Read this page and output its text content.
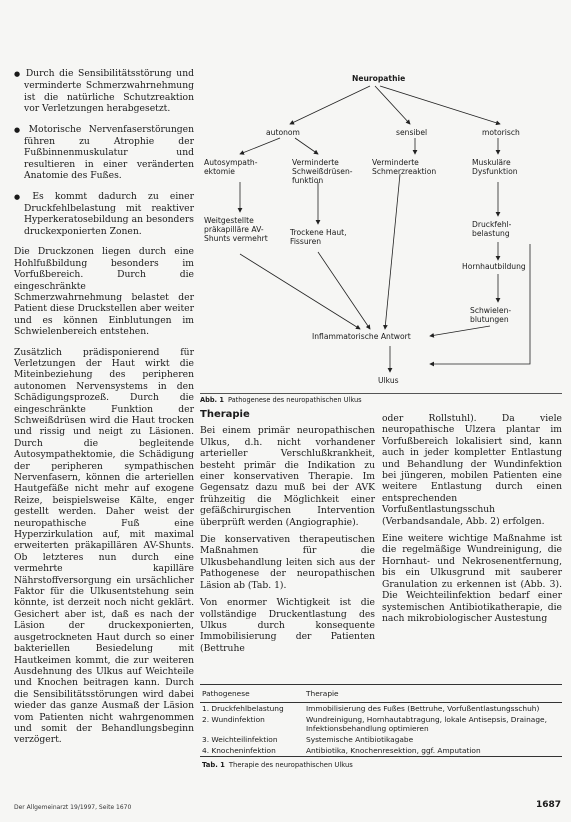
● Durch die Sensibilitätsstörung und verminderte Schmerzwahrnehmung ist die natürliche Schutzreaktion vor Verletzungen herabgesetzt.

● Motorische Nervenfaserstörungen führen zu Atrophie der Fußbinnenmuskulatur und resultieren in einer veränderten Anatomie des Fußes.

● Es kommt dadurch zu einer Druckfehlbelastung mit reaktiver Hyperkeratosebildung an besonders druckexponierten Zonen.

Die Druckzonen liegen durch eine Hohlfußbildung besonders im Vorfußbereich. Durch die eingeschränkte Schmerzwahrnehmung belastet der Patient diese Druckstellen aber weiter und es können Einblutungen im Schwielenbereich entstehen.

Zusätzlich prädisponierend für Verletzungen der Haut wirkt die Miteinbeziehung des peripheren autonomen Nervensystems in den Schädigungsprozeß. Durch die eingeschränkte Funktion der Schweißdrüsen wird die Haut trocken und rissig und neigt zu Läsionen. Durch die begleitende Autosympathektomie, die Schädigung der peripheren sympathischen Nervenfasern, können die arteriellen Hautgefäße nicht mehr auf exogene Reize, beispielsweise Kälte, enger gestellt werden. Daher weist der neuropathische Fuß eine Hyperzirkulation auf, mit maximal erweiterten präkapillären AV-Shunts. Ob letzteres nun durch eine vermehrte kapilläre Nährstoffversorgung ein ursächlicher Faktor für die Ulkusentstehung sein könnte, ist derzeit noch nicht geklärt. Gesichert aber ist, daß es nach der Läsion der druckexponierten, ausgetrockneten Haut durch so einer bakteriellen Besiedelung mit Hautkeimen kommt, die zur weiteren Ausdehnung des Ulkus auf Weichteile und Knochen beitragen kann. Durch die Sensibilitätsstörungen wird dabei wieder das ganze Ausmaß der Läsion vom Patienten nicht wahrgenommen und somit der Behandlungsbeginn verzögert.

Neuropathie
autonom	sensibel	motorisch
Autosympath-ektomie
Verminderte Schweißdrüsen-funktion
Verminderte Schmerzreaktion
Muskuläre Dysfunktion
Weitgestellte präkapilläre AV-Shunts vermehrt
Trockene Haut, Fissuren
Druckfehl-belastung
Hornhautbildung
Schwielen-blutungen
Inflammatorische Antwort
Ulkus
Abb. 1 Pathogenese des neuropathischen Ulkus
Therapie

Bei einem primär neuropathischen Ulkus, d.h. nicht vorhandener arterieller Verschlußkrankheit, besteht primär die Indikation zu einer konservativen Therapie. Im Gegensatz dazu muß bei der AVK frühzeitig die Möglichkeit einer gefäßchirurgischen Intervention überprüft werden (Angiographie).

Die konservativen therapeutischen Maßnahmen für die Ulkusbehandlung leiten sich aus der Pathogenese der neuropathischen Läsion ab (Tab. 1).

Von enormer Wichtigkeit ist die vollständige Druckentlastung des Ulkus durch konsequente Immobilisierung der Patienten (Bettruhe

oder Rollstuhl). Da viele neuropathische Ulzera plantar im Vorfußbereich lokalisiert sind, kann auch in jeder kompletter Entlastung und Behandlung der Wundinfektion bei jüngeren, mobilen Patienten eine weitere Entlastung durch einen entsprechenden Vorfußentlastungsschuh (Verbandsandale, Abb. 2) erfolgen.

Eine weitere wichtige Maßnahme ist die regelmäßige Wundreinigung, die Hornhaut- und Nekrosenentfernung, bis ein Ulkusgrund mit sauberer Granulation zu erkennen ist (Abb. 3). Die Weichteilinfektion bedarf einer systemischen Antibiotikatherapie, die nach mikrobiologischer Austestung

Pathogenese	Therapie
1. Druckfehlbelastung	Immobilisierung des Fußes (Bettruhe, Vorfußentlastungsschuh)
2. Wundinfektion	Wundreinigung, Hornhautabtragung, lokale Antisepsis, Drainage, Infektionsbehandlung optimieren
3. Weichteilinfektion	Systemische Antibiotikagabe
4. Knocheninfektion	Antibiotika, Knochenresektion, ggf. Amputation
Tab. 1 Therapie des neuropathischen Ulkus	
Der Allgemeinarzt 19/1997, Seite 1670	1687
